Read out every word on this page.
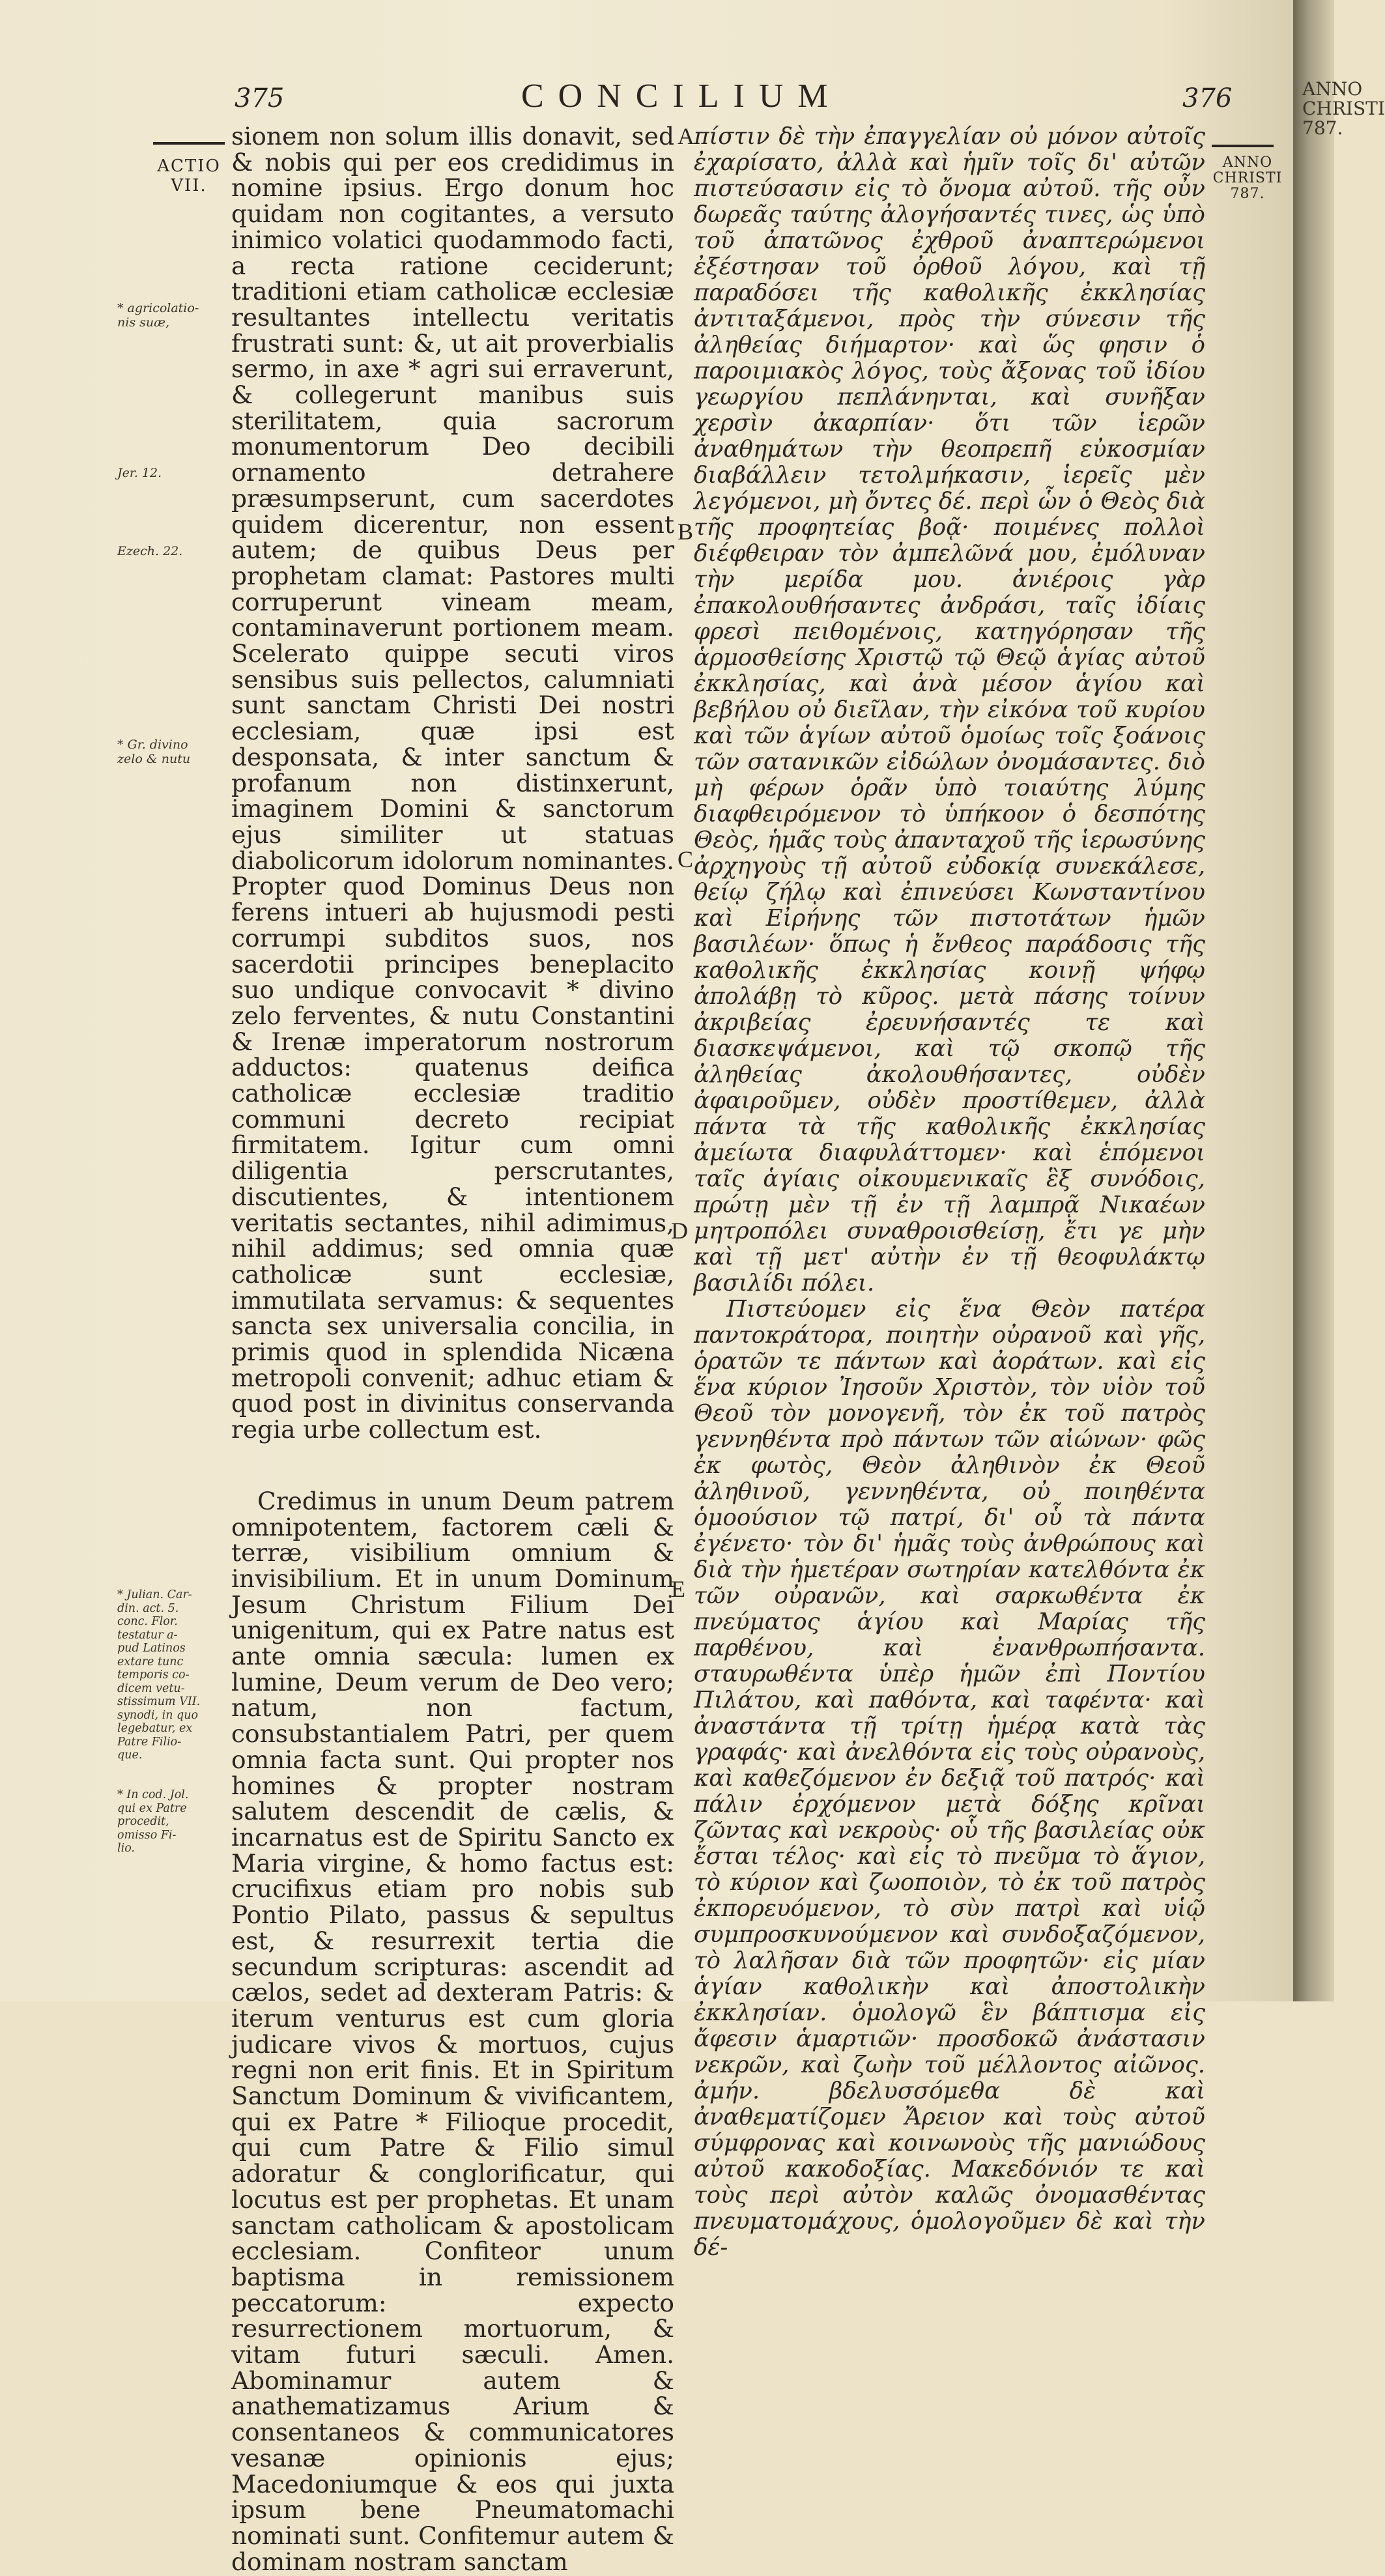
375	CONCILIUM	376
ACTIO
VII.
ANNO
CHRISTI
787.
* agricolatio-
nis suæ,
Jer. 12.
Ezech. 22.
* Gr. divino
zelo & nutu
* Julian. Car-
din. act. 5.
conc. Flor.
testatur a-
pud Latinos
extare tunc
temporis co-
dicem vetu-
stissimum VII.
synodi, in quo
legebatur, ex
Patre Filio-
que.
* In cod. Jol.
qui ex Patre
procedit,
omisso Fi-
lio.
A
B
C
D
E

sionem non solum illis donavit, sed & nobis qui per eos credidimus in nomine ipsius. Ergo donum hoc quidam non cogitantes, a versuto inimico volatici quodammodo facti, a recta ratione ceciderunt; traditioni etiam catholicæ ecclesiæ resultantes intellectu veritatis frustrati sunt: &, ut ait proverbialis sermo, in axe * agri sui erraverunt, & collegerunt manibus suis sterilitatem, quia sacrorum monumentorum Deo decibili ornamento detrahere præsumpserunt, cum sacerdotes quidem dicerentur, non essent autem; de quibus Deus per prophetam clamat: Pastores multi corruperunt vineam meam, contaminaverunt portionem meam. Scelerato quippe secuti viros sensibus suis pellectos, calumniati sunt sanctam Christi Dei nostri ecclesiam, quæ ipsi est desponsata, & inter sanctum & profanum non distinxerunt, imaginem Domini & sanctorum ejus similiter ut statuas diabolicorum idolorum nominantes. Propter quod Dominus Deus non ferens intueri ab hujusmodi pesti corrumpi subditos suos, nos sacerdotii principes beneplacito suo undique convocavit * divino zelo ferventes, & nutu Constantini & Irenæ imperatorum nostrorum adductos: quatenus deifica catholicæ ecclesiæ traditio communi decreto recipiat firmitatem. Igitur cum omni diligentia perscrutantes, discutientes, & intentionem veritatis sectantes, nihil adimimus, nihil addimus; sed omnia quæ catholicæ sunt ecclesiæ, immutilata servamus: & sequentes sancta sex universalia concilia, in primis quod in splendida Nicæna metropoli convenit; adhuc etiam & quod post in divinitus conservanda regia urbe collectum est.

Credimus in unum Deum patrem omnipotentem, factorem cæli & terræ, visibilium omnium & invisibilium. Et in unum Dominum Jesum Christum Filium Dei unigenitum, qui ex Patre natus est ante omnia sæcula: lumen ex lumine, Deum verum de Deo vero; natum, non factum, consubstantialem Patri, per quem omnia facta sunt. Qui propter nos homines & propter nostram salutem descendit de cælis, & incarnatus est de Spiritu Sancto ex Maria virgine, & homo factus est: crucifixus etiam pro nobis sub Pontio Pilato, passus & sepultus est, & resurrexit tertia die secundum scripturas: ascendit ad cælos, sedet ad dexteram Patris: & iterum venturus est cum gloria judicare vivos & mortuos, cujus regni non erit finis. Et in Spiritum Sanctum Dominum & vivificantem, qui ex Patre * Filioque procedit, qui cum Patre & Filio simul adoratur & conglorificatur, qui locutus est per prophetas. Et unam sanctam catholicam & apostolicam ecclesiam. Confiteor unum baptisma in remissionem peccatorum: expecto resurrectionem mortuorum, & vitam futuri sæculi. Amen. Abominamur autem & anathematizamus Arium & consentaneos & communicatores vesanæ opinionis ejus; Macedoniumque & eos qui juxta ipsum bene Pneumatomachi nominati sunt. Confitemur autem & dominam nostram sanctam

πίστιν δὲ τὴν ἐπαγγελίαν οὐ μόνον αὐτοῖς ἐχαρίσατο, ἀλλὰ καὶ ἡμῖν τοῖς δι' αὐτῶν πιστεύσασιν εἰς τὸ ὄνομα αὐτοῦ. τῆς οὖν δωρεᾶς ταύτης ἀλογήσαντές τινες, ὡς ὑπὸ τοῦ ἀπατῶνος ἐχθροῦ ἀναπτερώμενοι ἐξέστησαν τοῦ ὀρθοῦ λόγου, καὶ τῇ παραδόσει τῆς καθολικῆς ἐκκλησίας ἀντιταξάμενοι, πρὸς τὴν σύνεσιν τῆς ἀληθείας διήμαρτον· καὶ ὥς φησιν ὁ παροιμιακὸς λόγος, τοὺς ἄξονας τοῦ ἰδίου γεωργίου πεπλάνηνται, καὶ συνῆξαν χερσὶν ἀκαρπίαν· ὅτι τῶν ἱερῶν ἀναθημάτων τὴν θεοπρεπῆ εὐκοσμίαν διαβάλλειν τετολμήκασιν, ἱερεῖς μὲν λεγόμενοι, μὴ ὄντες δέ. περὶ ὧν ὁ Θεὸς διὰ τῆς προφητείας βοᾷ· ποιμένες πολλοὶ διέφθειραν τὸν ἀμπελῶνά μου, ἐμόλυναν τὴν μερίδα μου. ἀνιέροις γὰρ ἐπακολουθήσαντες ἀνδράσι, ταῖς ἰδίαις φρεσὶ πειθομένοις, κατηγόρησαν τῆς ἁρμοσθείσης Χριστῷ τῷ Θεῷ ἁγίας αὐτοῦ ἐκκλησίας, καὶ ἀνὰ μέσον ἁγίου καὶ βεβήλου οὐ διεῖλαν, τὴν εἰκόνα τοῦ κυρίου καὶ τῶν ἁγίων αὐτοῦ ὁμοίως τοῖς ξοάνοις τῶν σατανικῶν εἰδώλων ὀνομάσαντες. διὸ μὴ φέρων ὁρᾶν ὑπὸ τοιαύτης λύμης διαφθειρόμενον τὸ ὑπήκοον ὁ δεσπότης Θεὸς, ἡμᾶς τοὺς ἀπανταχοῦ τῆς ἱερωσύνης ἀρχηγοὺς τῇ αὐτοῦ εὐδοκίᾳ συνεκάλεσε, θείῳ ζήλῳ καὶ ἐπινεύσει Κωνσταντίνου καὶ Εἰρήνης τῶν πιστοτάτων ἡμῶν βασιλέων· ὅπως ἡ ἔνθεος παράδοσις τῆς καθολικῆς ἐκκλησίας κοινῇ ψήφῳ ἀπολάβῃ τὸ κῦρος. μετὰ πάσης τοίνυν ἀκριβείας ἐρευνήσαντές τε καὶ διασκεψάμενοι, καὶ τῷ σκοπῷ τῆς ἀληθείας ἀκολουθήσαντες, οὐδὲν ἀφαιροῦμεν, οὐδὲν προστίθεμεν, ἀλλὰ πάντα τὰ τῆς καθολικῆς ἐκκλησίας ἀμείωτα διαφυλάττομεν· καὶ ἑπόμενοι ταῖς ἁγίαις οἰκουμενικαῖς ἓξ συνόδοις, πρώτῃ μὲν τῇ ἐν τῇ λαμπρᾷ Νικαέων μητροπόλει συναθροισθείσῃ, ἔτι γε μὴν καὶ τῇ μετ' αὐτὴν ἐν τῇ θεοφυλάκτῳ βασιλίδι πόλει.

Πιστεύομεν εἰς ἕνα Θεὸν πατέρα παντοκράτορα, ποιητὴν οὐρανοῦ καὶ γῆς, ὁρατῶν τε πάντων καὶ ἀοράτων. καὶ εἰς ἕνα κύριον Ἰησοῦν Χριστὸν, τὸν υἱὸν τοῦ Θεοῦ τὸν μονογενῆ, τὸν ἐκ τοῦ πατρὸς γεννηθέντα πρὸ πάντων τῶν αἰώνων· φῶς ἐκ φωτὸς, Θεὸν ἀληθινὸν ἐκ Θεοῦ ἀληθινοῦ, γεννηθέντα, οὐ ποιηθέντα ὁμοούσιον τῷ πατρί, δι' οὗ τὰ πάντα ἐγένετο· τὸν δι' ἡμᾶς τοὺς ἀνθρώπους καὶ διὰ τὴν ἡμετέραν σωτηρίαν κατελθόντα ἐκ τῶν οὐρανῶν, καὶ σαρκωθέντα ἐκ πνεύματος ἁγίου καὶ Μαρίας τῆς παρθένου, καὶ ἐνανθρωπήσαντα. σταυρωθέντα ὑπὲρ ἡμῶν ἐπὶ Ποντίου Πιλάτου, καὶ παθόντα, καὶ ταφέντα· καὶ ἀναστάντα τῇ τρίτῃ ἡμέρᾳ κατὰ τὰς γραφάς· καὶ ἀνελθόντα εἰς τοὺς οὐρανοὺς, καὶ καθεζόμενον ἐν δεξιᾷ τοῦ πατρός· καὶ πάλιν ἐρχόμενον μετὰ δόξης κρῖναι ζῶντας καὶ νεκροὺς· οὗ τῆς βασιλείας οὐκ ἔσται τέλος· καὶ εἰς τὸ πνεῦμα τὸ ἅγιον, τὸ κύριον καὶ ζωοποιὸν, τὸ ἐκ τοῦ πατρὸς ἐκπορευόμενον, τὸ σὺν πατρὶ καὶ υἱῷ συμπροσκυνούμενον καὶ συνδοξαζόμενον, τὸ λαλῆσαν διὰ τῶν προφητῶν· εἰς μίαν ἁγίαν καθολικὴν καὶ ἀποστολικὴν ἐκκλησίαν. ὁμολογῶ ἓν βάπτισμα εἰς ἄφεσιν ἁμαρτιῶν· προσδοκῶ ἀνάστασιν νεκρῶν, καὶ ζωὴν τοῦ μέλλοντος αἰῶνος. ἀμήν. βδελυσσόμεθα δὲ καὶ ἀναθεματίζομεν Ἄρειον καὶ τοὺς αὐτοῦ σύμφρονας καὶ κοινωνοὺς τῆς μανιώδους αὐτοῦ κακοδοξίας. Μακεδόνιόν τε καὶ τοὺς περὶ αὐτὸν καλῶς ὀνομασθέντας πνευματομάχους, ὁμολογοῦμεν δὲ καὶ τὴν δέ-

ANNO
CHRISTI
787.
